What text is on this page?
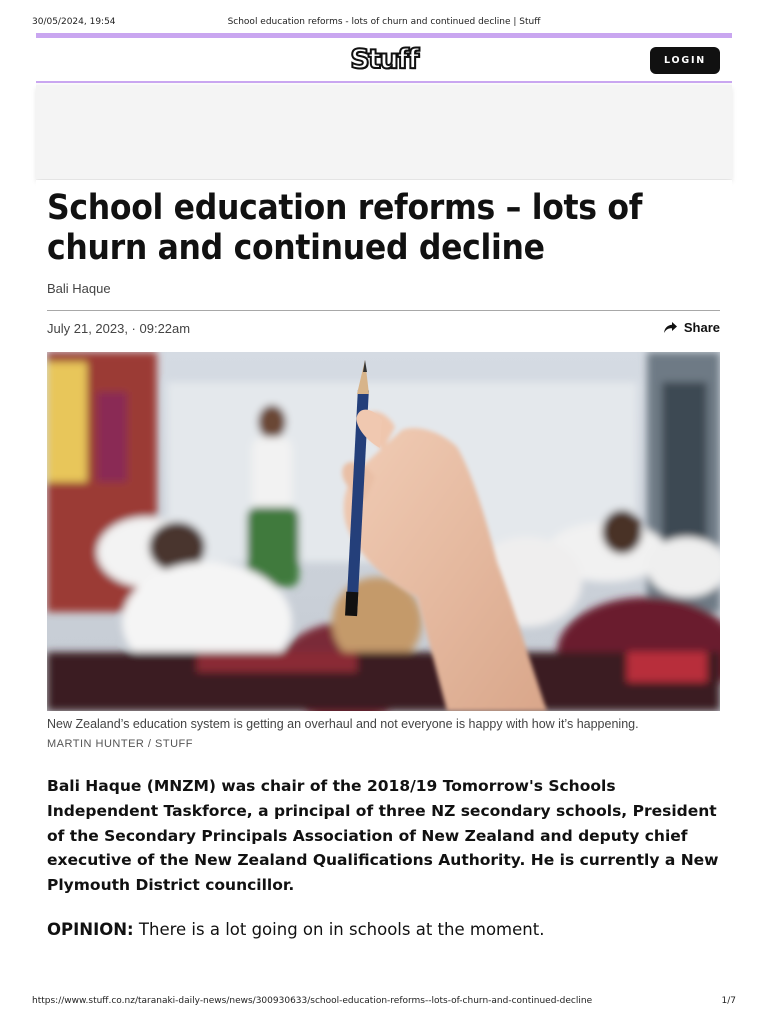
30/05/2024, 19:54	School education reforms - lots of churn and continued decline | Stuff
Stuff	LOGIN
School education reforms – lots of churn and continued decline
Bali Haque
July 21, 2023, · 09:22am	Share
New Zealand’s education system is getting an overhaul and not everyone is happy with how it’s happening.
MARTIN HUNTER / STUFF

Bali Haque (MNZM) was chair of the 2018/19 Tomorrow's Schools Independent Taskforce, a principal of three NZ secondary schools, President of the Secondary Principals Association of New Zealand and deputy chief executive of the New Zealand Qualifications Authority. He is currently a New Plymouth District councillor.

OPINION: There is a lot going on in schools at the moment.

https://www.stuff.co.nz/taranaki-daily-news/news/300930633/school-education-reforms--lots-of-churn-and-continued-decline	1/7
